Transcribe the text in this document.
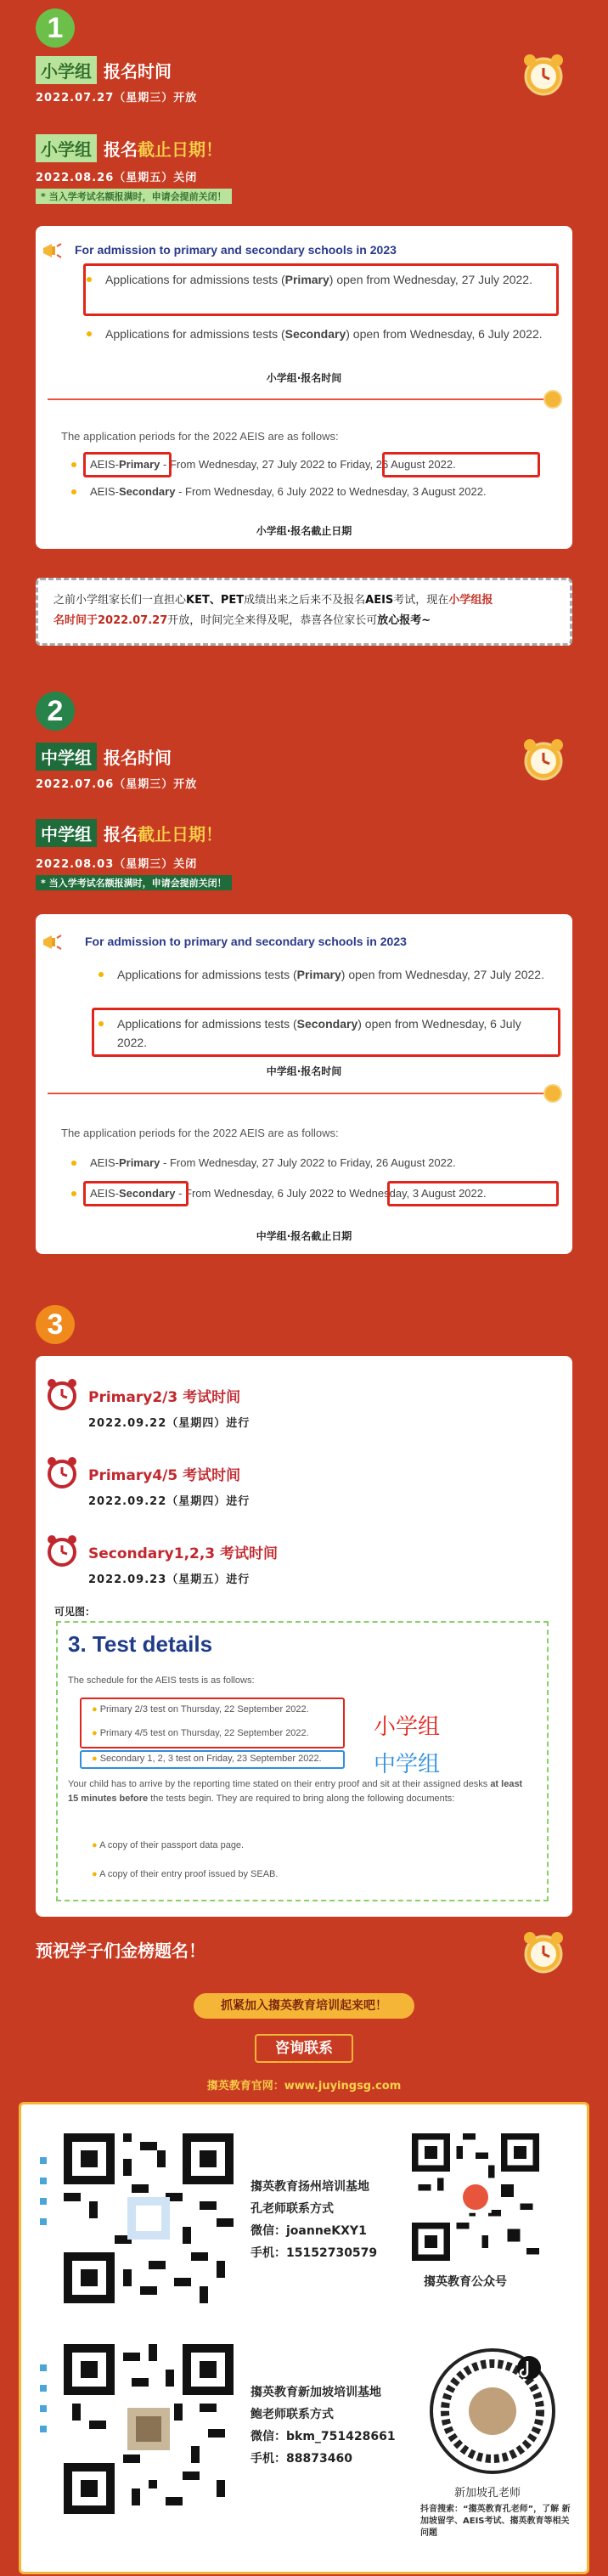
1
小学组 报名时间
2022.07.27（星期三）开放
小学组 报名截止日期！
2022.08.26（星期五）关闭
* 当入学考试名额报满时，申请会提前关闭！
For admission to primary and secondary schools in 2023
Applications for admissions tests (Primary) open from Wednesday, 27 July 2022.
Applications for admissions tests (Secondary) open from Wednesday, 6 July 2022.
小学组·报名时间
The application periods for the 2022 AEIS are as follows:
AEIS-Primary - From Wednesday, 27 July 2022 to Friday, 26 August 2022.
AEIS-Secondary - From Wednesday, 6 July 2022 to Wednesday, 3 August 2022.
小学组·报名截止日期
之前小学组家长们一直担心KET、PET成绩出来之后来不及报名AEIS考试，现在小学组报
名时间于2022.07.27开放，时间完全来得及呢，恭喜各位家长可放心报考~
2
中学组 报名时间
2022.07.06（星期三）开放
中学组 报名截止日期！
2022.08.03（星期三）关闭
* 当入学考试名额报满时，申请会提前关闭！
For admission to primary and secondary schools in 2023
Applications for admissions tests (Primary) open from Wednesday, 27 July 2022.
Applications for admissions tests (Secondary) open from Wednesday, 6 July 2022.
中学组·报名时间
The application periods for the 2022 AEIS are as follows:
AEIS-Primary - From Wednesday, 27 July 2022 to Friday, 26 August 2022.
AEIS-Secondary - From Wednesday, 6 July 2022 to Wednesday, 3 August 2022.
中学组·报名截止日期
3
Primary2/3 考试时间
2022.09.22（星期四）进行
Primary4/5 考试时间
2022.09.22（星期四）进行
Secondary1,2,3 考试时间
2022.09.23（星期五）进行
可见图：
3. Test details
The schedule for the AEIS tests is as follows:
● Primary 2/3 test on Thursday, 22 September 2022.
● Primary 4/5 test on Thursday, 22 September 2022.
● Secondary 1, 2, 3 test on Friday, 23 September 2022.
小学组
中学组
Your child has to arrive by the reporting time stated on their entry proof and sit at their assigned desks at least 15 minutes before the tests begin. They are required to bring along the following documents:
● A copy of their passport data page.
● A copy of their entry proof issued by SEAB.
预祝学子们金榜题名！
抓紧加入搊英教育培训起来吧！
咨询联系
搊英教育官网：www.juyingsg.com
搊英教育扬州培训基地
孔老师联系方式
微信：joanneKXY1
手机：15152730579
搊英教育公众号
搊英教育新加坡培训基地
鲍老师联系方式
微信：bkm_751428661
手机：88873460
新加坡孔老师
抖音搜索：“搊英教育孔老师”，了解 新加坡留学、AEIS考试、搊英教育等相关问题
